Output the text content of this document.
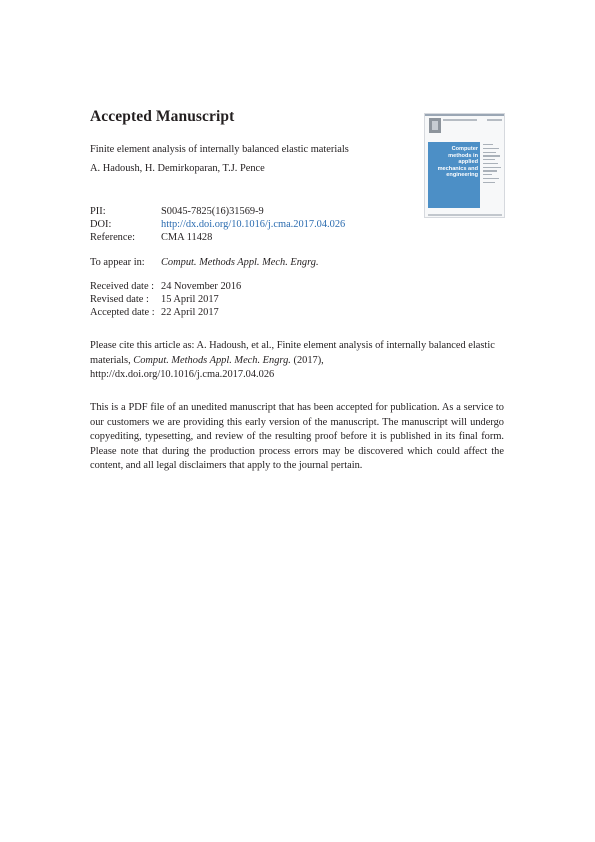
Accepted Manuscript
Finite element analysis of internally balanced elastic materials
A. Hadoush, H. Demirkoparan, T.J. Pence
Computer methods in applied mechanics and engineering
PII:	S0045-7825(16)31569-9
DOI:	http://dx.doi.org/10.1016/j.cma.2017.04.026
Reference:	CMA 11428
To appear in: Comput. Methods Appl. Mech. Engrg.
Received date : 24 November 2016
Revised date : 15 April 2017
Accepted date : 22 April 2017
Please cite this article as: A. Hadoush, et al., Finite element analysis of internally balanced elastic
materials, Comput. Methods Appl. Mech. Engrg. (2017),
http://dx.doi.org/10.1016/j.cma.2017.04.026
This is a PDF file of an unedited manuscript that has been accepted for publication. As a service to our customers we are providing this early version of the manuscript. The manuscript will undergo copyediting, typesetting, and review of the resulting proof before it is published in its final form. Please note that during the production process errors may be discovered which could affect the content, and all legal disclaimers that apply to the journal pertain.
